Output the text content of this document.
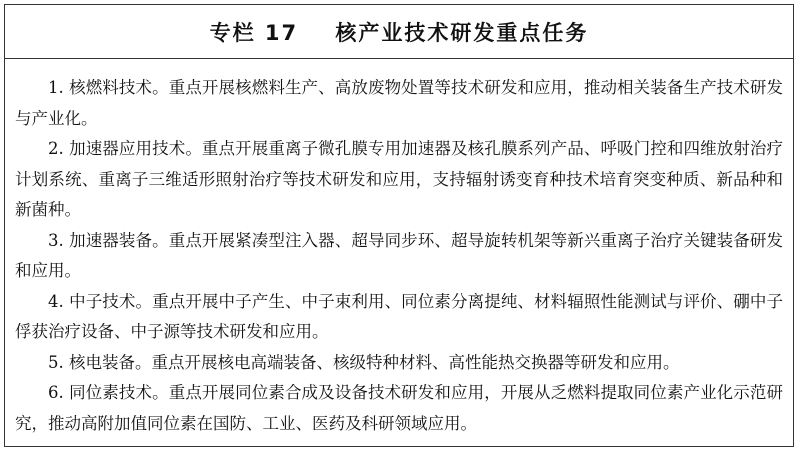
专栏 17    核产业技术研发重点任务

1. 核燃料技术。重点开展核燃料生产、高放废物处置等技术研发和应用，推动相关装备生产技术研发与产业化。

2. 加速器应用技术。重点开展重离子微孔膜专用加速器及核孔膜系列产品、呼吸门控和四维放射治疗计划系统、重离子三维适形照射治疗等技术研发和应用，支持辐射诱变育种技术培育突变种质、新品种和新菌种。

3. 加速器装备。重点开展紧凑型注入器、超导同步环、超导旋转机架等新兴重离子治疗关键装备研发和应用。

4. 中子技术。重点开展中子产生、中子束利用、同位素分离提纯、材料辐照性能测试与评价、硼中子俘获治疗设备、中子源等技术研发和应用。

5. 核电装备。重点开展核电高端装备、核级特种材料、高性能热交换器等研发和应用。

6. 同位素技术。重点开展同位素合成及设备技术研发和应用，开展从乏燃料提取同位素产业化示范研究，推动高附加值同位素在国防、工业、医药及科研领域应用。
